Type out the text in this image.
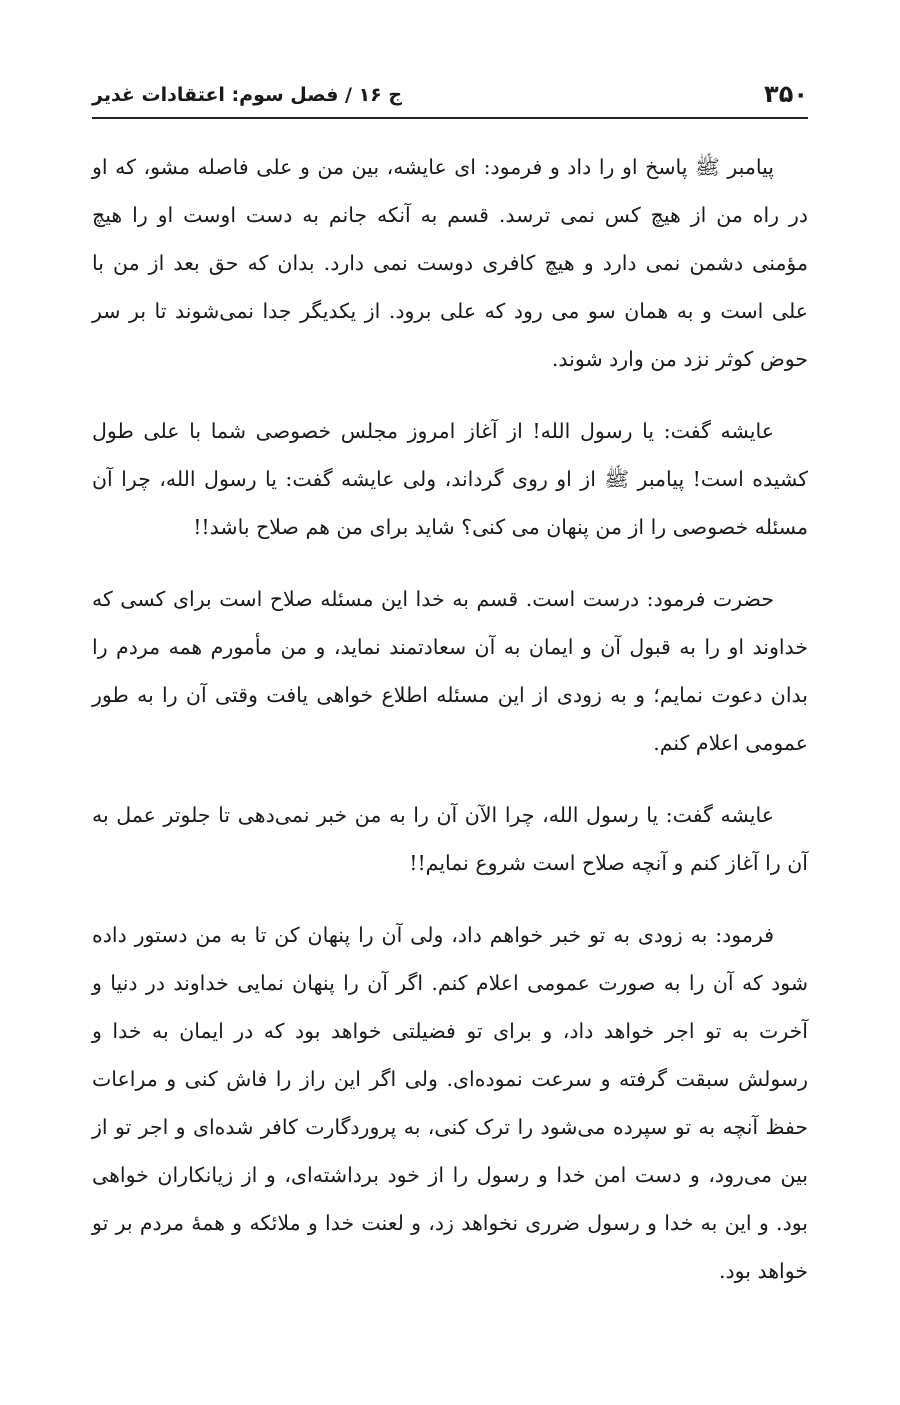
۳۵۰
ج ۱۶ / فصل سوم: اعتقادات غدیر

پیامبر ﷺ پاسخ او را داد و فرمود: ای عایشه، بین من و علی فاصله مشو، که او در راه من از هیچ کس نمی ترسد. قسم به آنکه جانم به دست اوست او را هیچ مؤمنی دشمن نمی دارد و هیچ کافری دوست نمی دارد. بدان که حق بعد از من با علی است و به همان سو می رود که علی برود. از یکدیگر جدا نمی‌شوند تا بر سر حوض کوثر نزد من وارد شوند.

عایشه گفت: یا رسول الله! از آغاز امروز مجلس خصوصی شما با علی طول کشیده است! پیامبر ﷺ از او روی گرداند، ولی عایشه گفت: یا رسول الله، چرا آن مسئله خصوصی را از من پنهان می کنی؟ شاید برای من هم صلاح باشد!!

حضرت فرمود: درست است. قسم به خدا این مسئله صلاح است برای کسی که خداوند او را به قبول آن و ایمان به آن سعادتمند نماید، و من مأمورم همه مردم را بدان دعوت نمایم؛ و به زودی از این مسئله اطلاع خواهی یافت وقتی آن را به طور عمومی اعلام کنم.

عایشه گفت: یا رسول الله، چرا الآن آن را به من خبر نمی‌دهی تا جلوتر عمل به آن را آغاز کنم و آنچه صلاح است شروع نمایم!!

فرمود: به زودی به تو خبر خواهم داد، ولی آن را پنهان کن تا به من دستور داده شود که آن را به صورت عمومی اعلام کنم. اگر آن را پنهان نمایی خداوند در دنیا و آخرت به تو اجر خواهد داد، و برای تو فضیلتی خواهد بود که در ایمان به خدا و رسولش سبقت گرفته و سرعت نموده‌ای. ولی اگر این راز را فاش کنی و مراعات حفظ آنچه به تو سپرده می‌شود را ترک کنی، به پروردگارت کافر شده‌ای و اجر تو از بین می‌رود، و دست امن خدا و رسول را از خود برداشته‌ای، و از زیانکاران خواهی بود. و این به خدا و رسول ضرری نخواهد زد، و لعنت خدا و ملائکه و همهٔ مردم بر تو خواهد بود.
